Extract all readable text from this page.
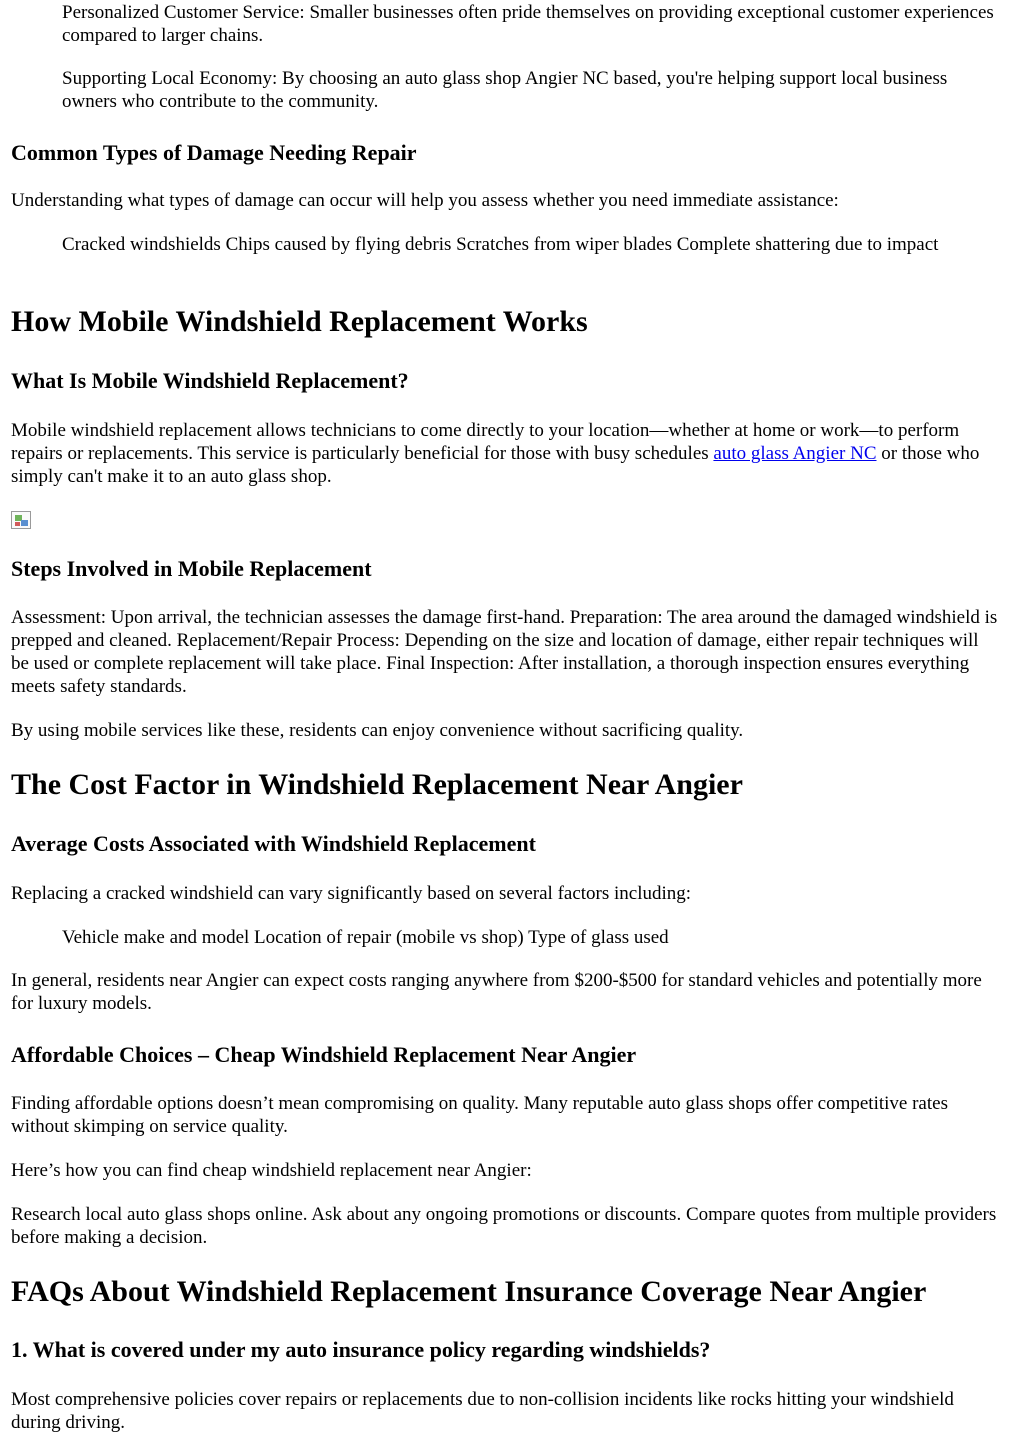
Personalized Customer Service: Smaller businesses often pride themselves on providing exceptional customer experiences compared to larger chains.
Supporting Local Economy: By choosing an auto glass shop Angier NC based, you're helping support local business owners who contribute to the community.
Common Types of Damage Needing Repair

Understanding what types of damage can occur will help you assess whether you need immediate assistance:

Cracked windshields Chips caused by flying debris Scratches from wiper blades Complete shattering due to impact
How Mobile Windshield Replacement Works
What Is Mobile Windshield Replacement?

Mobile windshield replacement allows technicians to come directly to your location—whether at home or work—to perform repairs or replacements. This service is particularly beneficial for those with busy schedules auto glass Angier NC or those who simply can't make it to an auto glass shop.

Steps Involved in Mobile Replacement

Assessment: Upon arrival, the technician assesses the damage first-hand. Preparation: The area around the damaged windshield is prepped and cleaned. Replacement/Repair Process: Depending on the size and location of damage, either repair techniques will be used or complete replacement will take place. Final Inspection: After installation, a thorough inspection ensures everything meets safety standards.

By using mobile services like these, residents can enjoy convenience without sacrificing quality.

The Cost Factor in Windshield Replacement Near Angier
Average Costs Associated with Windshield Replacement

Replacing a cracked windshield can vary significantly based on several factors including:

Vehicle make and model Location of repair (mobile vs shop) Type of glass used

In general, residents near Angier can expect costs ranging anywhere from $200-$500 for standard vehicles and potentially more for luxury models.

Affordable Choices – Cheap Windshield Replacement Near Angier

Finding affordable options doesn’t mean compromising on quality. Many reputable auto glass shops offer competitive rates without skimping on service quality.

Here’s how you can find cheap windshield replacement near Angier:

Research local auto glass shops online. Ask about any ongoing promotions or discounts. Compare quotes from multiple providers before making a decision.

FAQs About Windshield Replacement Insurance Coverage Near Angier
1. What is covered under my auto insurance policy regarding windshields?

Most comprehensive policies cover repairs or replacements due to non-collision incidents like rocks hitting your windshield during driving.
